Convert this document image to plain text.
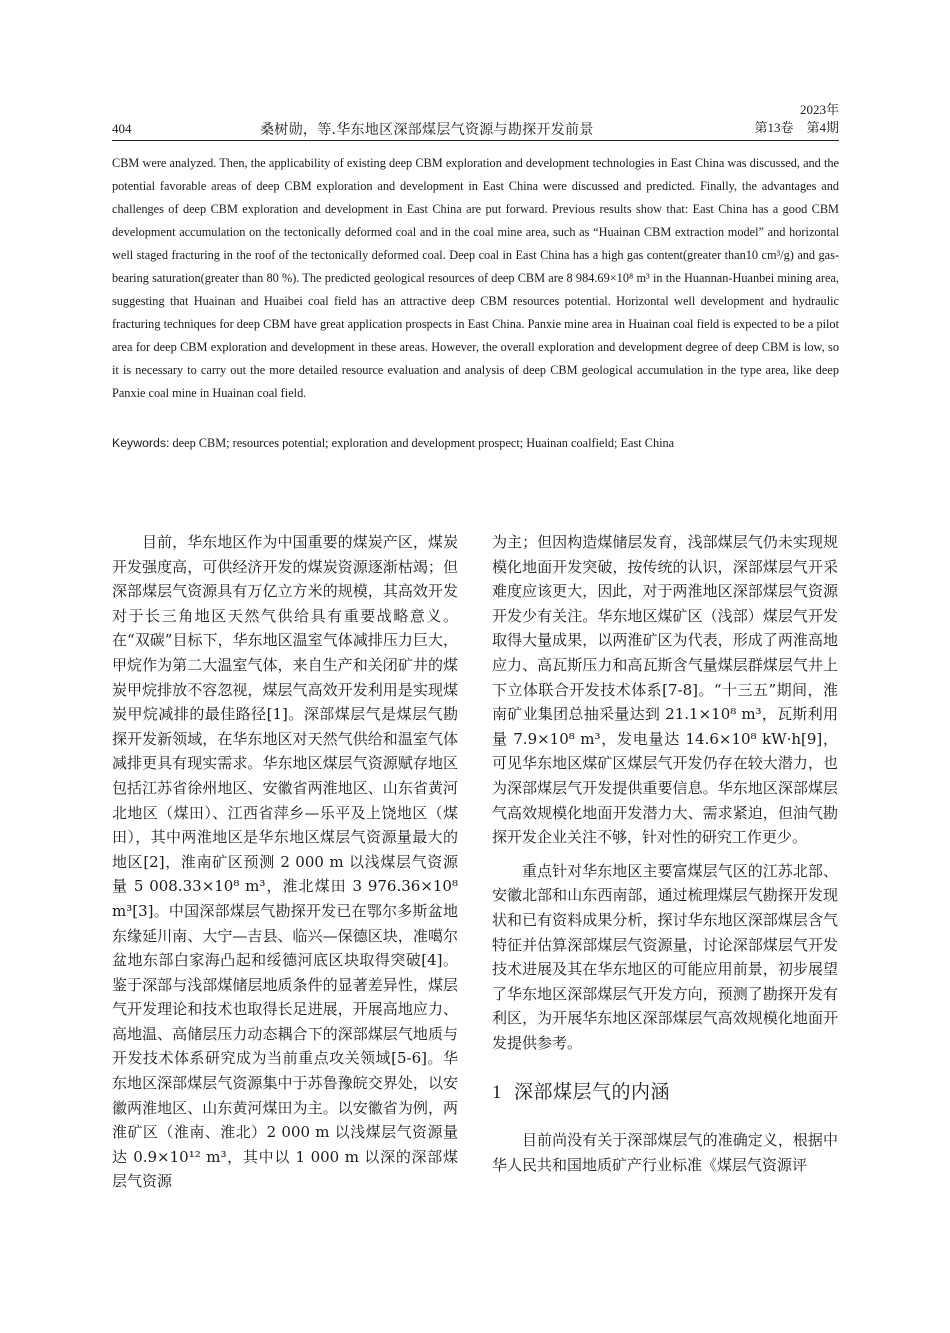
404	桑树勋，等.华东地区深部煤层气资源与勘探开发前景
2023年
第13卷　第4期

CBM were analyzed. Then, the applicability of existing deep CBM exploration and development technologies in East China was discussed, and the potential favorable areas of deep CBM exploration and development in East China were discussed and predicted. Finally, the advantages and challenges of deep CBM exploration and development in East China are put forward. Previous results show that: East China has a good CBM development accumulation on the tectonically deformed coal and in the coal mine area, such as “Huainan CBM extraction model” and horizontal well staged fracturing in the roof of the tectonically deformed coal. Deep coal in East China has a high gas content(greater than10 cm³/g) and gas-bearing saturation(greater than 80 %). The predicted geological resources of deep CBM are 8 984.69×10⁸ m³ in the Huannan-Huanbei mining area, suggesting that Huainan and Huaibei coal field has an attractive deep CBM resources potential. Horizontal well development and hydraulic fracturing techniques for deep CBM have great application prospects in East China. Panxie mine area in Huainan coal field is expected to be a pilot area for deep CBM exploration and development in these areas. However, the overall exploration and development degree of deep CBM is low, so it is necessary to carry out the more detailed resource evaluation and analysis of deep CBM geological accumulation in the type area, like deep Panxie coal mine in Huainan coal field.

Keywords: deep CBM; resources potential; exploration and development prospect; Huainan coalfield; East China

目前，华东地区作为中国重要的煤炭产区，煤炭开发强度高，可供经济开发的煤炭资源逐渐枯竭；但深部煤层气资源具有万亿立方米的规模，其高效开发对于长三角地区天然气供给具有重要战略意义。在“双碳”目标下，华东地区温室气体减排压力巨大，甲烷作为第二大温室气体，来自生产和关闭矿井的煤炭甲烷排放不容忽视，煤层气高效开发利用是实现煤炭甲烷减排的最佳路径[1]。深部煤层气是煤层气勘探开发新领域，在华东地区对天然气供给和温室气体减排更具有现实需求。华东地区煤层气资源赋存地区包括江苏省徐州地区、安徽省两淮地区、山东省黄河北地区（煤田）、江西省萍乡—乐平及上饶地区（煤田），其中两淮地区是华东地区煤层气资源量最大的地区[2]，淮南矿区预测 2 000 m 以浅煤层气资源量 5 008.33×10⁸ m³，淮北煤田 3 976.36×10⁸ m³[3]。中国深部煤层气勘探开发已在鄂尔多斯盆地东缘延川南、大宁—吉县、临兴—保德区块，准噶尔盆地东部白家海凸起和绥德河底区块取得突破[4]。鉴于深部与浅部煤储层地质条件的显著差异性，煤层气开发理论和技术也取得长足进展，开展高地应力、高地温、高储层压力动态耦合下的深部煤层气地质与开发技术体系研究成为当前重点攻关领域[5-6]。华东地区深部煤层气资源集中于苏鲁豫皖交界处，以安徽两淮地区、山东黄河煤田为主。以安徽省为例，两淮矿区（淮南、淮北）2 000 m 以浅煤层气资源量达 0.9×10¹² m³，其中以 1 000 m 以深的深部煤层气资源

为主；但因构造煤储层发育，浅部煤层气仍未实现规模化地面开发突破，按传统的认识，深部煤层气开采难度应该更大，因此，对于两淮地区深部煤层气资源开发少有关注。华东地区煤矿区（浅部）煤层气开发取得大量成果，以两淮矿区为代表，形成了两淮高地应力、高瓦斯压力和高瓦斯含气量煤层群煤层气井上下立体联合开发技术体系[7-8]。“十三五”期间，淮南矿业集团总抽采量达到 21.1×10⁸ m³，瓦斯利用量 7.9×10⁸ m³，发电量达 14.6×10⁸ kW·h[9]，可见华东地区煤矿区煤层气开发仍存在较大潜力，也为深部煤层气开发提供重要信息。华东地区深部煤层气高效规模化地面开发潜力大、需求紧迫，但油气勘探开发企业关注不够，针对性的研究工作更少。

重点针对华东地区主要富煤层气区的江苏北部、安徽北部和山东西南部，通过梳理煤层气勘探开发现状和已有资料成果分析，探讨华东地区深部煤层含气特征并估算深部煤层气资源量，讨论深部煤层气开发技术进展及其在华东地区的可能应用前景，初步展望了华东地区深部煤层气开发方向，预测了勘探开发有利区，为开展华东地区深部煤层气高效规模化地面开发提供参考。

1 深部煤层气的内涵

目前尚没有关于深部煤层气的准确定义，根据中华人民共和国地质矿产行业标准《煤层气资源评
